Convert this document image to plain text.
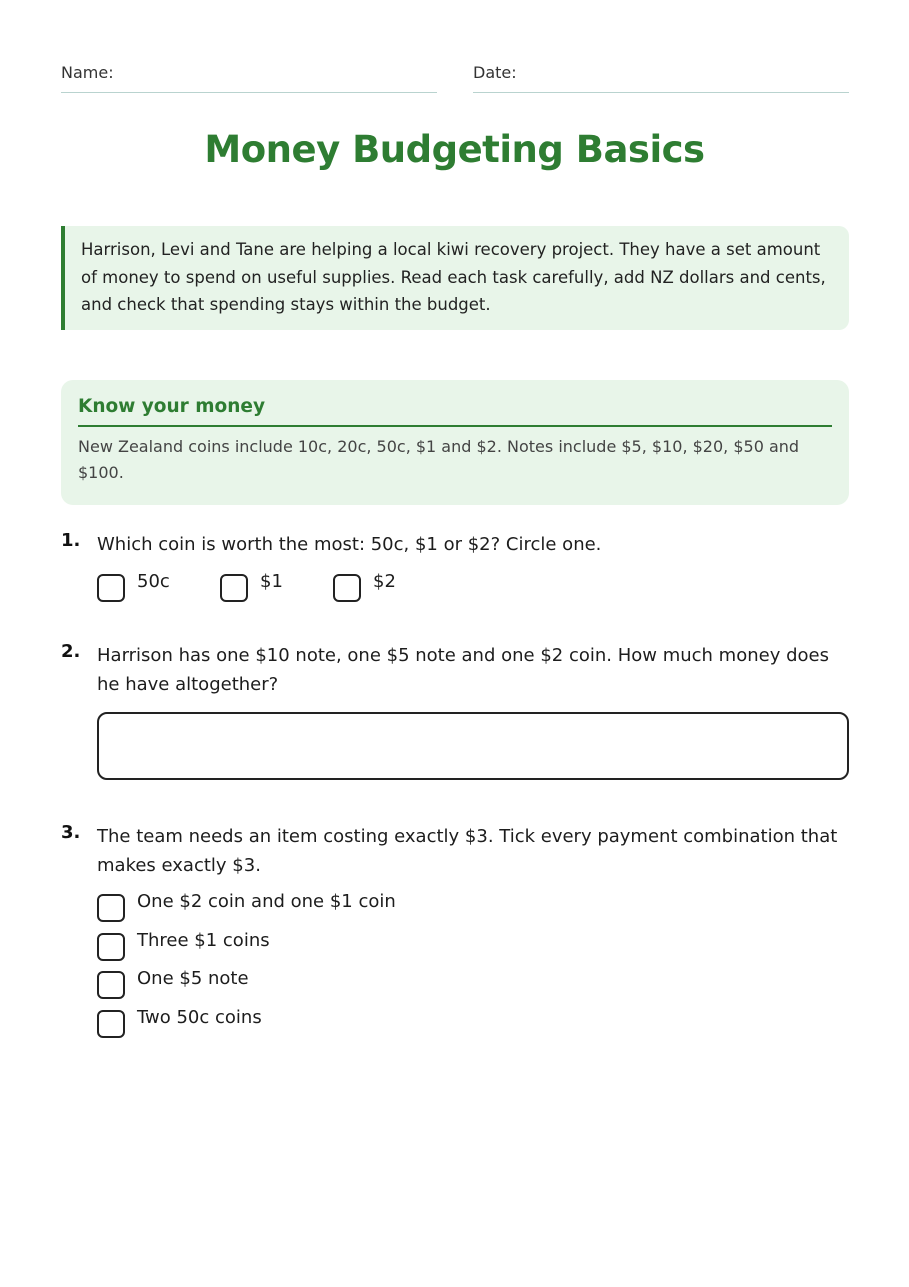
Name:	Date:
Money Budgeting Basics

Harrison, Levi and Tane are helping a local kiwi recovery project. They have a set amount of money to spend on useful supplies. Read each task carefully, add NZ dollars and cents, and check that spending stays within the budget.

Know your money

New Zealand coins include 10c, 20c, 50c, $1 and $2. Notes include $5, $10, $20, $50 and $100.

1. Which coin is worth the most: 50c, $1 or $2? Circle one.
50c	$1	$2
2. Harrison has one $10 note, one $5 note and one $2 coin. How much money does he have altogether?
3. The team needs an item costing exactly $3. Tick every payment combination that makes exactly $3.
One $2 coin and one $1 coin
Three $1 coins
One $5 note
Two 50c coins
